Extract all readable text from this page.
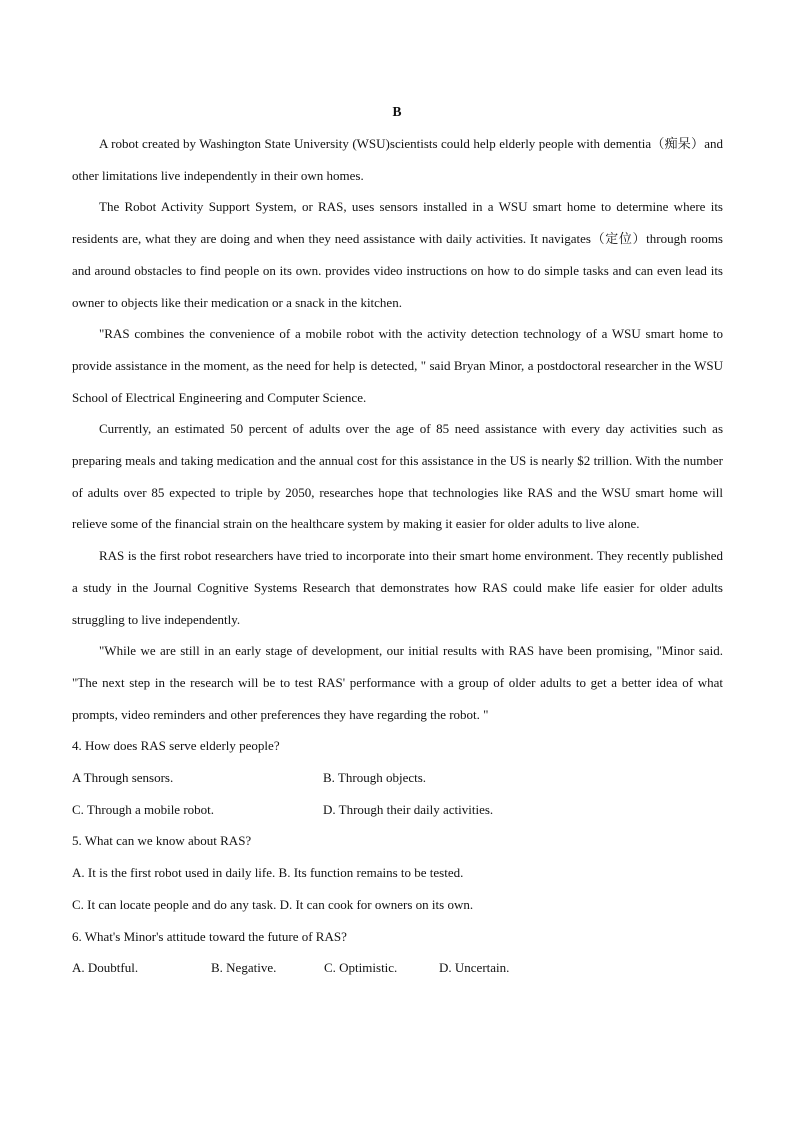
B

A robot created by Washington State University (WSU)scientists could help elderly people with dementia（痴呆）and other limitations live independently in their own homes.

The Robot Activity Support System, or RAS, uses sensors installed in a WSU smart home to determine where its residents are, what they are doing and when they need assistance with daily activities. It navigates（定位）through rooms and around obstacles to find people on its own. provides video instructions on how to do simple tasks and can even lead its owner to objects like their medication or a snack in the kitchen.

"RAS combines the convenience of a mobile robot with the activity detection technology of a WSU smart home to provide assistance in the moment, as the need for help is detected, " said Bryan Minor, a postdoctoral researcher in the WSU School of Electrical Engineering and Computer Science.

Currently, an estimated 50 percent of adults over the age of 85 need assistance with every day activities such as preparing meals and taking medication and the annual cost for this assistance in the US is nearly $2 trillion. With the number of adults over 85 expected to triple by 2050, researches hope that technologies like RAS and the WSU smart home will relieve some of the financial strain on the healthcare system by making it easier for older adults to live alone.

RAS is the first robot researchers have tried to incorporate into their smart home environment. They recently published a study in the Journal Cognitive Systems Research that demonstrates how RAS could make life easier for older adults struggling to live independently.

"While we are still in an early stage of development, our initial results with RAS have been promising, "Minor said. "The next step in the research will be to test RAS' performance with a group of older adults to get a better idea of what prompts, video reminders and other preferences they have regarding the robot. "

4. How does RAS serve elderly people?

A Through sensors.	B. Through objects.
C. Through a mobile robot.	D. Through their daily activities.

5. What can we know about RAS?

A. It is the first robot used in daily life. B. Its function remains to be tested.

C. It can locate people and do any task. D. It can cook for owners on its own.

6. What's Minor's attitude toward the future of RAS?

A. Doubtful.	B. Negative.	C. Optimistic.	D. Uncertain.
